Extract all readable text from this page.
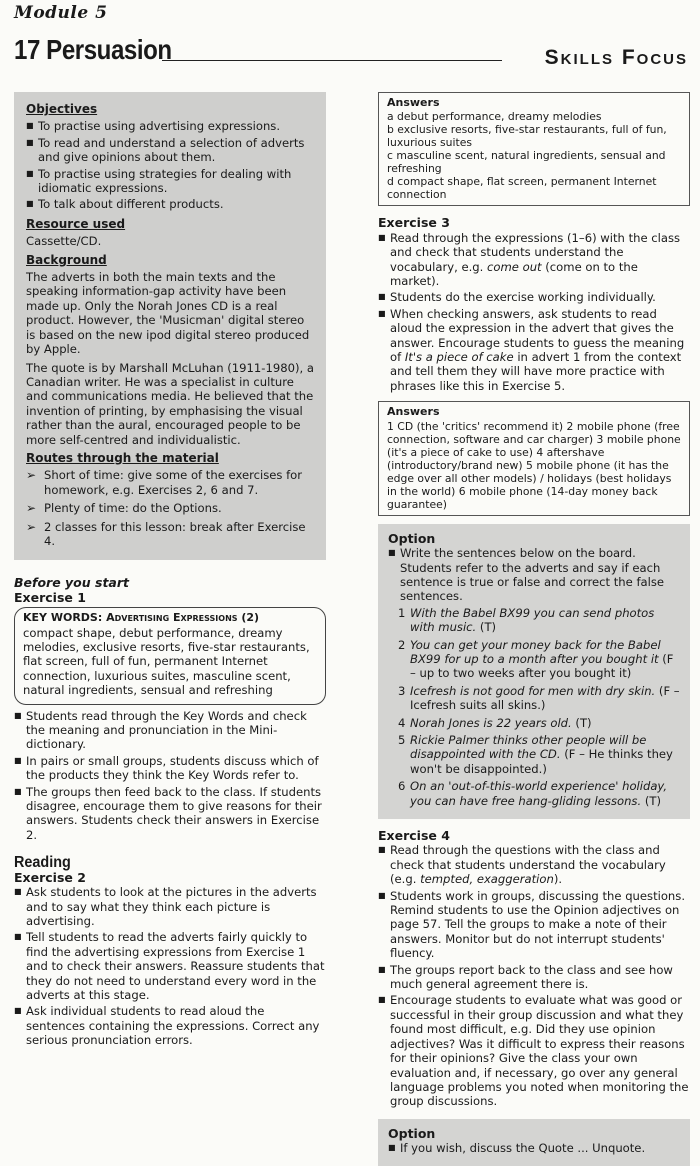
Module 5
17 Persuasion	Skills Focus
Objectives
■ To practise using advertising expressions.
■ To read and understand a selection of adverts and give opinions about them.
■ To practise using strategies for dealing with idiomatic expressions.
■ To talk about different products.
Resource used

Cassette/CD.

Background

The adverts in both the main texts and the speaking information-gap activity have been made up. Only the Norah Jones CD is a real product. However, the 'Musicman' digital stereo is based on the new ipod digital stereo produced by Apple.

The quote is by Marshall McLuhan (1911-1980), a Canadian writer. He was a specialist in culture and communications media. He believed that the invention of printing, by emphasising the visual rather than the aural, encouraged people to be more self-centred and individualistic.

Routes through the material
➢ Short of time: give some of the exercises for homework, e.g. Exercises 2, 6 and 7.
➢ Plenty of time: do the Options.
➢ 2 classes for this lesson: break after Exercise 4.
Before you start
Exercise 1
KEY WORDS: Advertising Expressions (2)
compact shape, debut performance, dreamy melodies, exclusive resorts, five-star restaurants, flat screen, full of fun, permanent Internet connection, luxurious suites, masculine scent, natural ingredients, sensual and refreshing
■ Students read through the Key Words and check the meaning and pronunciation in the Mini-dictionary.
■ In pairs or small groups, students discuss which of the products they think the Key Words refer to.
■ The groups then feed back to the class. If students disagree, encourage them to give reasons for their answers. Students check their answers in Exercise 2.
Reading
Exercise 2
■ Ask students to look at the pictures in the adverts and to say what they think each picture is advertising.
■ Tell students to read the adverts fairly quickly to find the advertising expressions from Exercise 1 and to check their answers. Reassure students that they do not need to understand every word in the adverts at this stage.
■ Ask individual students to read aloud the sentences containing the expressions. Correct any serious pronunciation errors.
Answers
a debut performance, dreamy melodies
b exclusive resorts, five-star restaurants, full of fun, luxurious suites
c masculine scent, natural ingredients, sensual and refreshing
d compact shape, flat screen, permanent Internet connection
Exercise 3
■ Read through the expressions (1–6) with the class and check that students understand the vocabulary, e.g. come out (come on to the market).
■ Students do the exercise working individually.
■ When checking answers, ask students to read aloud the expression in the advert that gives the answer. Encourage students to guess the meaning of It's a piece of cake in advert 1 from the context and tell them they will have more practice with phrases like this in Exercise 5.
Answers
1 CD (the 'critics' recommend it) 2 mobile phone (free connection, software and car charger) 3 mobile phone (it's a piece of cake to use) 4 aftershave (introductory/brand new) 5 mobile phone (it has the edge over all other models) / holidays (best holidays in the world) 6 mobile phone (14-day money back guarantee)
Option
■ Write the sentences below on the board. Students refer to the adverts and say if each sentence is true or false and correct the false sentences.
1 With the Babel BX99 you can send photos with music. (T)
2 You can get your money back for the Babel BX99 for up to a month after you bought it (F – up to two weeks after you bought it)
3 Icefresh is not good for men with dry skin. (F – Icefresh suits all skins.)
4 Norah Jones is 22 years old. (T)
5 Rickie Palmer thinks other people will be disappointed with the CD. (F – He thinks they won't be disappointed.)
6 On an 'out-of-this-world experience' holiday, you can have free hang-gliding lessons. (T)
Exercise 4
■ Read through the questions with the class and check that students understand the vocabulary (e.g. tempted, exaggeration).
■ Students work in groups, discussing the questions. Remind students to use the Opinion adjectives on page 57. Tell the groups to make a note of their answers. Monitor but do not interrupt students' fluency.
■ The groups report back to the class and see how much general agreement there is.
■ Encourage students to evaluate what was good or successful in their group discussion and what they found most difficult, e.g. Did they use opinion adjectives? Was it difficult to express their reasons for their opinions? Give the class your own evaluation and, if necessary, go over any general language problems you noted when monitoring the group discussions.
Option
■ If you wish, discuss the Quote ... Unquote.
